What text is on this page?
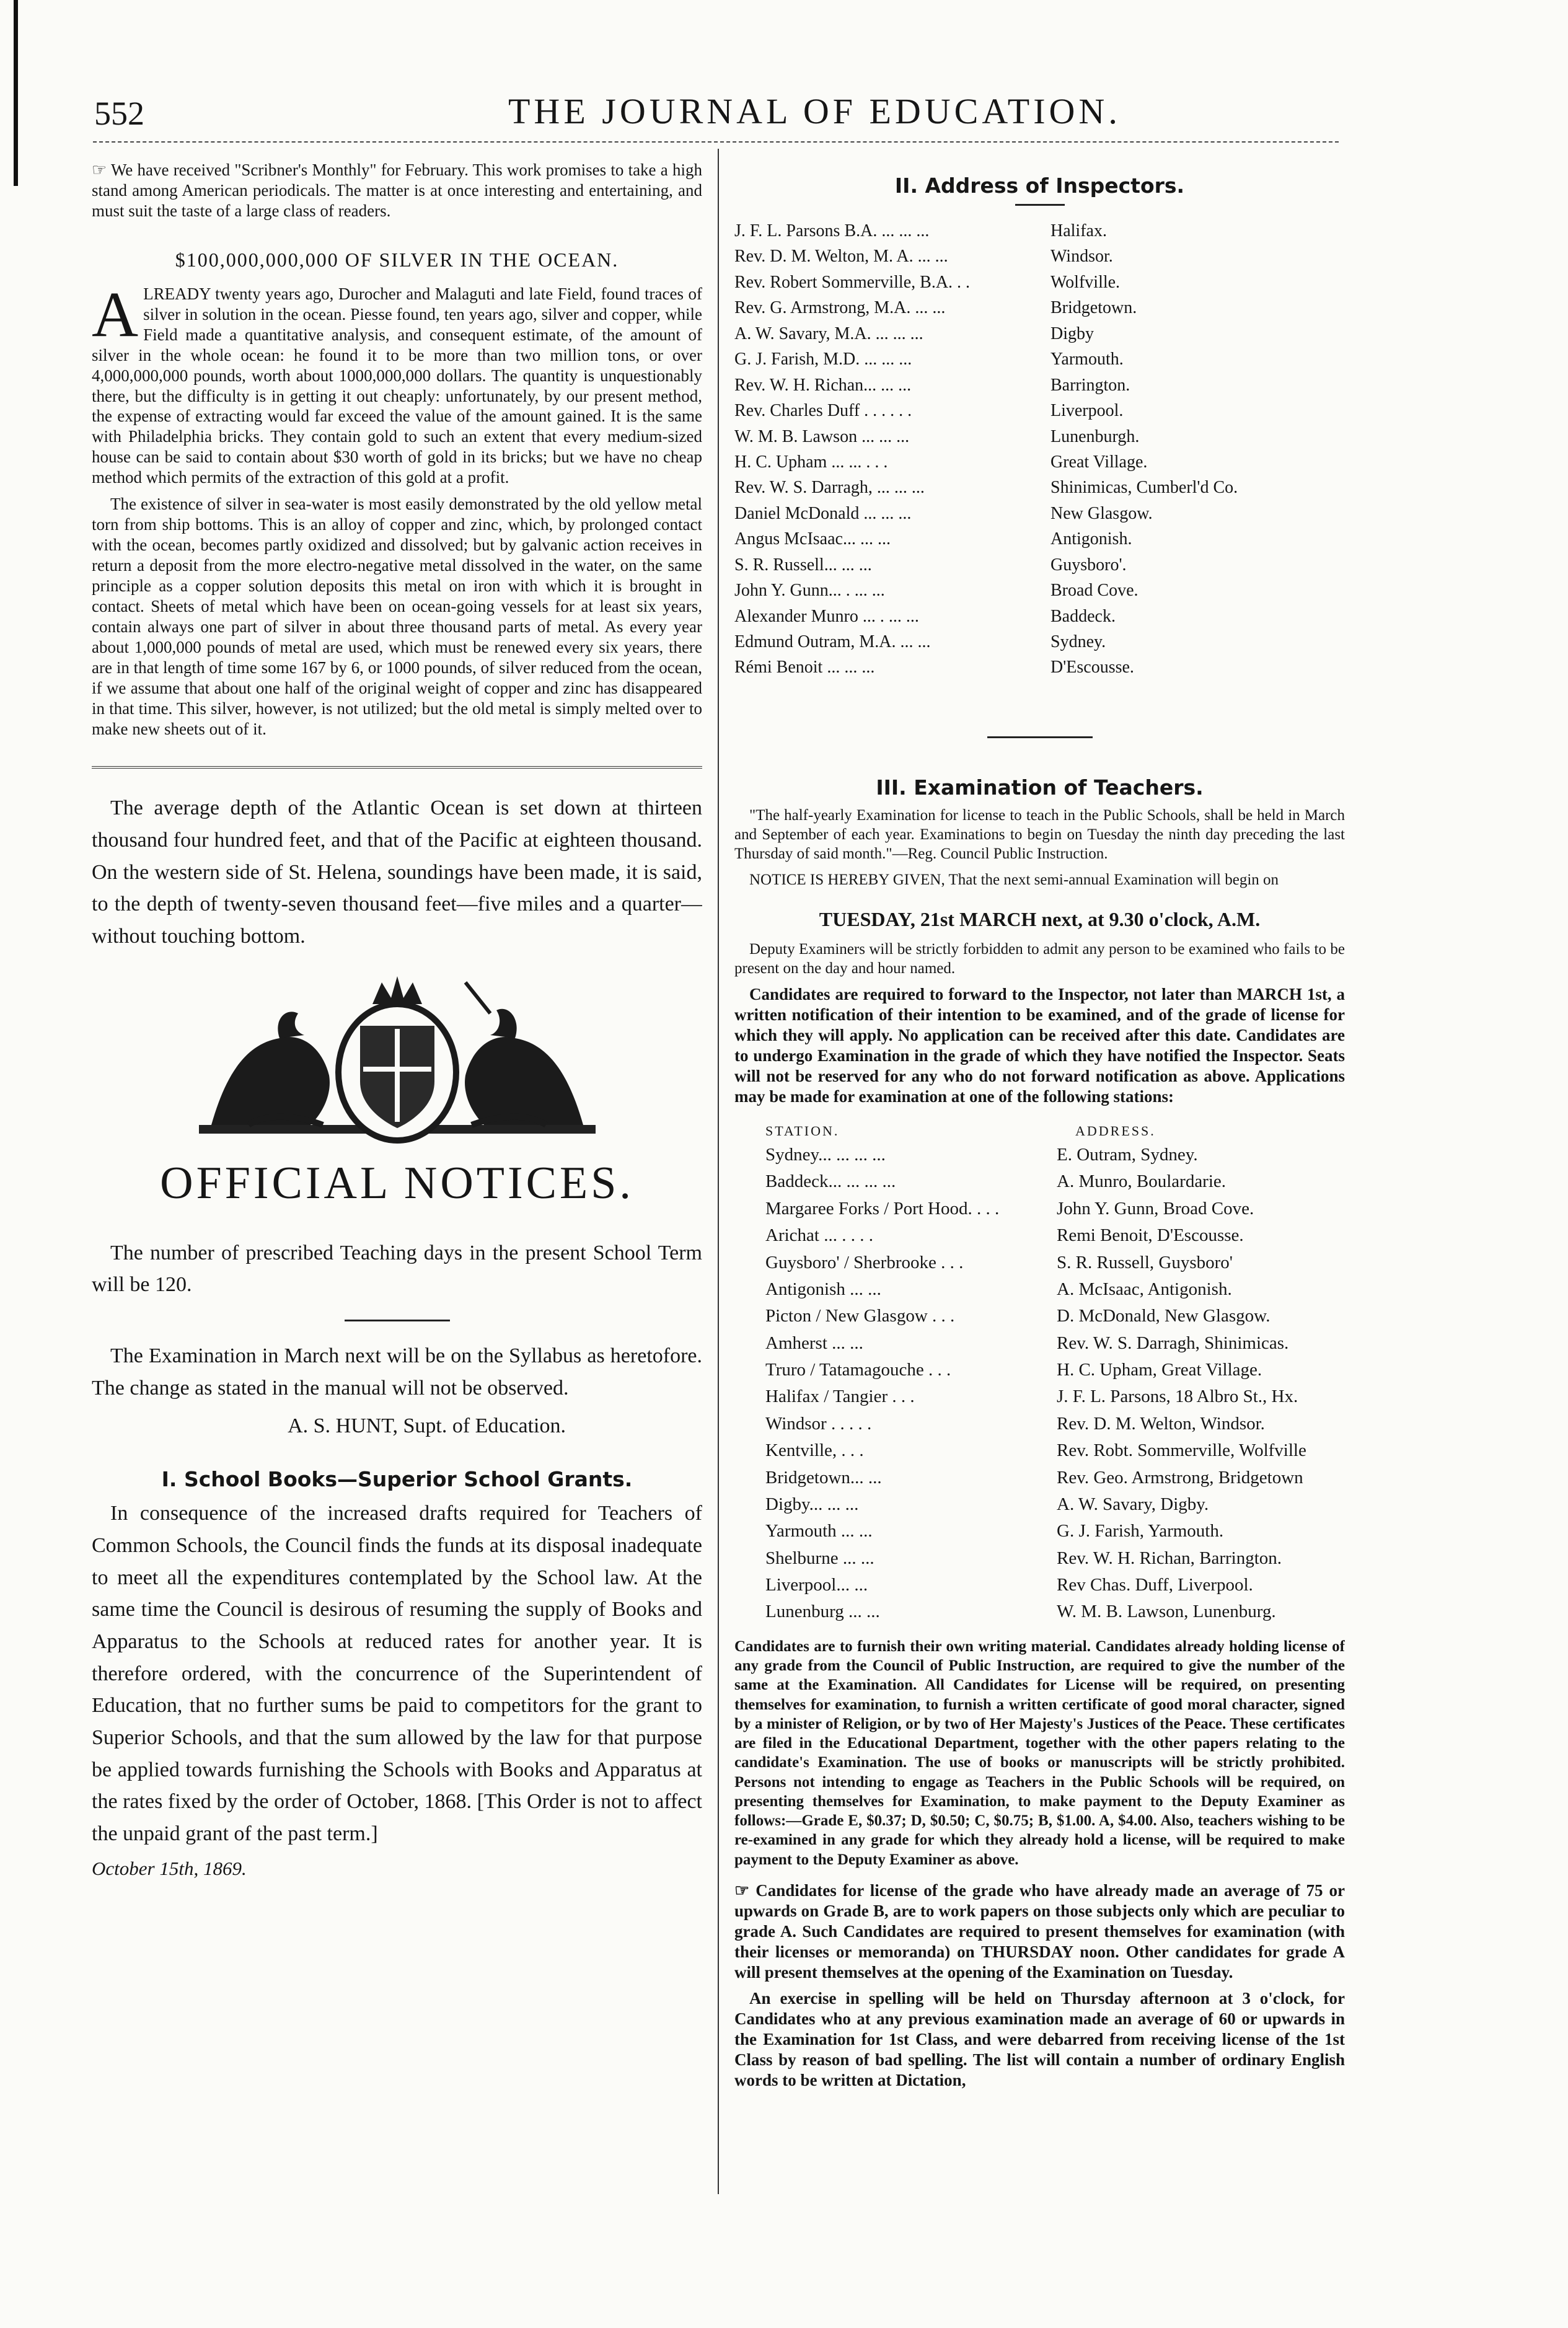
552	THE JOURNAL OF EDUCATION.

☞ We have received "Scribner's Monthly" for February. This work promises to take a high stand among American periodicals. The matter is at once interesting and entertaining, and must suit the taste of a large class of readers.

$100,000,000,000 OF SILVER IN THE OCEAN.

ALREADY twenty years ago, Durocher and Malaguti and late Field, found traces of silver in solution in the ocean. Piesse found, ten years ago, silver and copper, while Field made a quantitative analysis, and consequent estimate, of the amount of silver in the whole ocean: he found it to be more than two million tons, or over 4,000,000,000 pounds, worth about 1000,000,000 dollars. The quantity is unquestionably there, but the difficulty is in getting it out cheaply: unfortunately, by our present method, the expense of extracting would far exceed the value of the amount gained. It is the same with Philadelphia bricks. They contain gold to such an extent that every medium-sized house can be said to contain about $30 worth of gold in its bricks; but we have no cheap method which permits of the extraction of this gold at a profit.

The existence of silver in sea-water is most easily demonstrated by the old yellow metal torn from ship bottoms. This is an alloy of copper and zinc, which, by prolonged contact with the ocean, becomes partly oxidized and dissolved; but by galvanic action receives in return a deposit from the more electro-negative metal dissolved in the water, on the same principle as a copper solution deposits this metal on iron with which it is brought in contact. Sheets of metal which have been on ocean-going vessels for at least six years, contain always one part of silver in about three thousand parts of metal. As every year about 1,000,000 pounds of metal are used, which must be renewed every six years, there are in that length of time some 167 by 6, or 1000 pounds, of silver reduced from the ocean, if we assume that about one half of the original weight of copper and zinc has disappeared in that time. This silver, however, is not utilized; but the old metal is simply melted over to make new sheets out of it.

The average depth of the Atlantic Ocean is set down at thirteen thousand four hundred feet, and that of the Pacific at eighteen thousand. On the western side of St. Helena, soundings have been made, it is said, to the depth of twenty-seven thousand feet—five miles and a quarter—without touching bottom.

OFFICIAL NOTICES.

The number of prescribed Teaching days in the present School Term will be 120.

The Examination in March next will be on the Syllabus as heretofore. The change as stated in the manual will not be observed.

A. S. HUNT, Supt. of Education.

I. School Books—Superior School Grants.

In consequence of the increased drafts required for Teachers of Common Schools, the Council finds the funds at its disposal inadequate to meet all the expenditures contemplated by the School law. At the same time the Council is desirous of resuming the supply of Books and Apparatus to the Schools at reduced rates for another year. It is therefore ordered, with the concurrence of the Superintendent of Education, that no further sums be paid to competitors for the grant to Superior Schools, and that the sum allowed by the law for that purpose be applied towards furnishing the Schools with Books and Apparatus at the rates fixed by the order of October, 1868. [This Order is not to affect the unpaid grant of the past term.]

October 15th, 1869.
II. Address of Inspectors.
J. F. L. Parsons B.A. ... ... ...	Halifax.
Rev. D. M. Welton, M. A. ... ...	Windsor.
Rev. Robert Sommerville, B.A. . .	Wolfville.
Rev. G. Armstrong, M.A. ... ...	Bridgetown.
A. W. Savary, M.A. ... ... ...	Digby
G. J. Farish, M.D. ... ... ...	Yarmouth.
Rev. W. H. Richan... ... ...	Barrington.
Rev. Charles Duff . . . . . .	Liverpool.
W. M. B. Lawson ... ... ...	Lunenburgh.
H. C. Upham ... ... . . .	Great Village.
Rev. W. S. Darragh, ... ... ...	Shinimicas, Cumberl'd Co.
Daniel McDonald ... ... ...	New Glasgow.
Angus McIsaac... ... ...	Antigonish.
S. R. Russell... ... ...	Guysboro'.
John Y. Gunn... . ... ...	Broad Cove.
Alexander Munro ... . ... ...	Baddeck.
Edmund Outram, M.A. ... ...	Sydney.
Rémi Benoit ... ... ...	D'Escousse.
III. Examination of Teachers.

"The half-yearly Examination for license to teach in the Public Schools, shall be held in March and September of each year. Examinations to begin on Tuesday the ninth day preceding the last Thursday of said month."—Reg. Council Public Instruction.

NOTICE IS HEREBY GIVEN, That the next semi-annual Examination will begin on

TUESDAY, 21st MARCH next, at 9.30 o'clock, A.M.

Deputy Examiners will be strictly forbidden to admit any person to be examined who fails to be present on the day and hour named.

Candidates are required to forward to the Inspector, not later than MARCH 1st, a written notification of their intention to be examined, and of the grade of license for which they will apply. No application can be received after this date. Candidates are to undergo Examination in the grade of which they have notified the Inspector. Seats will not be reserved for any who do not forward notification as above. Applications may be made for examination at one of the following stations:

STATION.	ADDRESS.
Sydney... ... ... ...	E. Outram, Sydney.
Baddeck... ... ... ...	A. Munro, Boulardarie.
Margaree Forks / Port Hood. . . .	John Y. Gunn, Broad Cove.
Arichat ... . . . .	Remi Benoit, D'Escousse.
Guysboro' / Sherbrooke . . .	S. R. Russell, Guysboro'
Antigonish ... ...	A. McIsaac, Antigonish.
Picton / New Glasgow . . .	D. McDonald, New Glasgow.
Amherst ... ...	Rev. W. S. Darragh, Shinimicas.
Truro / Tatamagouche . . .	H. C. Upham, Great Village.
Halifax / Tangier . . .	J. F. L. Parsons, 18 Albro St., Hx.
Windsor . . . . .	Rev. D. M. Welton, Windsor.
Kentville, . . .	Rev. Robt. Sommerville, Wolfville
Bridgetown... ...	Rev. Geo. Armstrong, Bridgetown
Digby... ... ...	A. W. Savary, Digby.
Yarmouth ... ...	G. J. Farish, Yarmouth.
Shelburne ... ...	Rev. W. H. Richan, Barrington.
Liverpool... ...	Rev Chas. Duff, Liverpool.
Lunenburg ... ...	W. M. B. Lawson, Lunenburg.

Candidates are to furnish their own writing material. Candidates already holding license of any grade from the Council of Public Instruction, are required to give the number of the same at the Examination. All Candidates for License will be required, on presenting themselves for examination, to furnish a written certificate of good moral character, signed by a minister of Religion, or by two of Her Majesty's Justices of the Peace. These certificates are filed in the Educational Department, together with the other papers relating to the candidate's Examination. The use of books or manuscripts will be strictly prohibited. Persons not intending to engage as Teachers in the Public Schools will be required, on presenting themselves for Examination, to make payment to the Deputy Examiner as follows:—Grade E, $0.37; D, $0.50; C, $0.75; B, $1.00. A, $4.00. Also, teachers wishing to be re-examined in any grade for which they already hold a license, will be required to make payment to the Deputy Examiner as above.

☞ Candidates for license of the grade who have already made an average of 75 or upwards on Grade B, are to work papers on those subjects only which are peculiar to grade A. Such Candidates are required to present themselves for examination (with their licenses or memoranda) on THURSDAY noon. Other candidates for grade A will present themselves at the opening of the Examination on Tuesday.

An exercise in spelling will be held on Thursday afternoon at 3 o'clock, for Candidates who at any previous examination made an average of 60 or upwards in the Examination for 1st Class, and were debarred from receiving license of the 1st Class by reason of bad spelling. The list will contain a number of ordinary English words to be written at Dictation,
